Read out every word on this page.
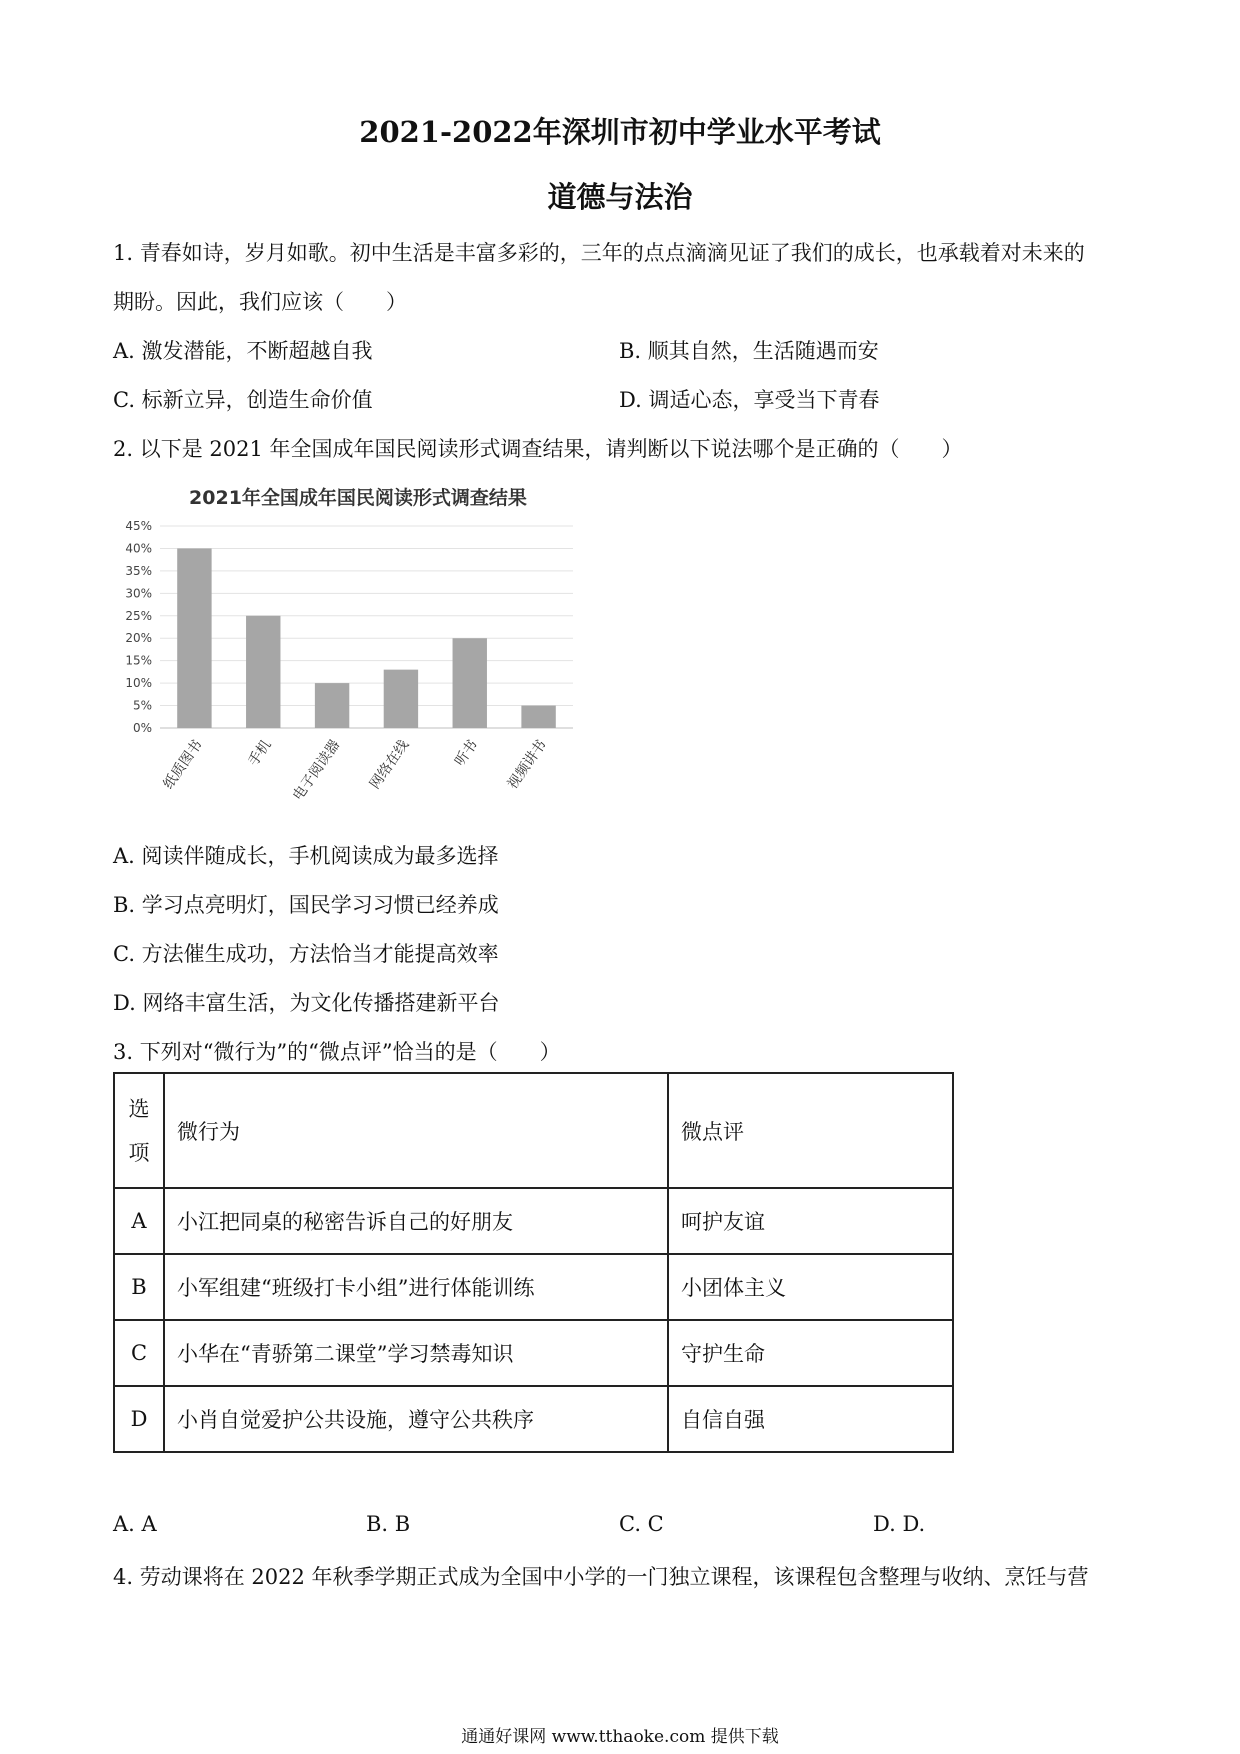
2021-2022年深圳市初中学业水平考试
道德与法治
1. 青春如诗，岁月如歌。初中生活是丰富多彩的，三年的点点滴滴见证了我们的成长，也承载着对未来的
期盼。因此，我们应该（　　）
A. 激发潜能，不断超越自我	B. 顺其自然，生活随遇而安
C. 标新立异，创造生命价值	D. 调适心态，享受当下青春
2. 以下是 2021 年全国成年国民阅读形式调查结果，请判断以下说法哪个是正确的（　　）
2021年全国成年国民阅读形式调查结果
0%
5%
10%
15%
20%
25%
30%
35%
40%
45%
纸质图书	手机 电子阅读器 网络在线	听书 视频讲书
A. 阅读伴随成长，手机阅读成为最多选择
B. 学习点亮明灯，国民学习习惯已经养成
C. 方法催生成功，方法恰当才能提高效率
D. 网络丰富生活，为文化传播搭建新平台
3. 下列对“微行为”的“微点评”恰当的是（　　）
选
项	微行为	微点评
A	小江把同桌的秘密告诉自己的好朋友	呵护友谊
B	小军组建“班级打卡小组”进行体能训练	小团体主义
C	小华在“青骄第二课堂”学习禁毒知识	守护生命
D	小肖自觉爱护公共设施，遵守公共秩序	自信自强
A. A	B. B	C. C	D. D.
4. 劳动课将在 2022 年秋季学期正式成为全国中小学的一门独立课程，该课程包含整理与收纳、烹饪与营
通通好课网 www.tthaoke.com 提供下载
